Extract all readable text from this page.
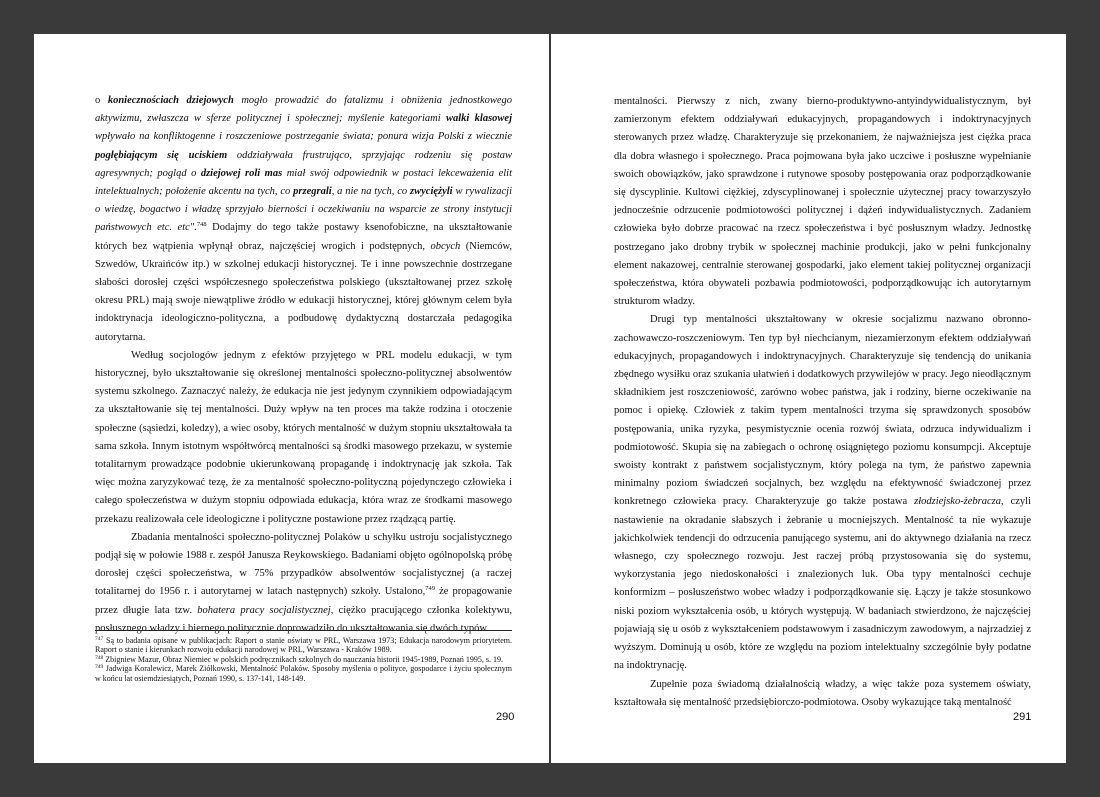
o koniecznościach dziejowych mogło prowadzić do fatalizmu i obniżenia jednostkowego aktywizmu, zwłaszcza w sferze politycznej i społecznej; myślenie kategoriami walki klasowej wpływało na konfliktogenne i roszczeniowe postrzeganie świata; ponura wizja Polski z wiecznie pogłębiającym się uciskiem oddziaływała frustrująco, sprzyjając rodzeniu się postaw agresywnych; pogląd o dziejowej roli mas miał swój odpowiednik w postaci lekceważenia elit intelektualnych; położenie akcentu na tych, co przegrali, a nie na tych, co zwyciężyli w rywalizacji o wiedzę, bogactwo i władzę sprzyjało bierności i oczekiwaniu na wsparcie ze strony instytucji państwowych etc. etc".$^{748}$ Dodajmy do tego także postawy ksenofobiczne, na ukształtowanie których bez wątpienia wpłynął obraz, najczęściej wrogich i podstępnych, obcych (Niemców, Szwedów, Ukraińców itp.) w szkolnej edukacji historycznej. Te i inne powszechnie dostrzegane słabości dorosłej części współczesnego społeczeństwa polskiego (ukształtowanej przez szkołę okresu PRL) mają swoje niewątpliwe źródło w edukacji historycznej, której głównym celem była indoktrynacja ideologiczno-polityczna, a podbudowę dydaktyczną dostarczała pedagogika autorytarna.

Według socjologów jednym z efektów przyjętego w PRL modelu edukacji, w tym historycznej, było ukształtowanie się określonej mentalności społeczno-politycznej absolwentów systemu szkolnego. Zaznaczyć należy, że edukacja nie jest jedynym czynnikiem odpowiadającym za ukształtowanie się tej mentalności. Duży wpływ na ten proces ma także rodzina i otoczenie społeczne (sąsiedzi, koledzy), a wiec osoby, których mentalność w dużym stopniu ukształtowała ta sama szkoła. Innym istotnym współtwórcą mentalności są środki masowego przekazu, w systemie totalitarnym prowadzące podobnie ukierunkowaną propagandę i indoktrynację jak szkoła. Tak więc można zaryzykować tezę, że za mentalność społeczno-polityczną pojedynczego człowieka i całego społeczeństwa w dużym stopniu odpowiada edukacja, która wraz ze środkami masowego przekazu realizowała cele ideologiczne i polityczne postawione przez rządzącą partię.

Zbadania mentalności społeczno-politycznej Polaków u schyłku ustroju socjalistycznego podjął się w połowie 1988 r. zespół Janusza Reykowskiego. Badaniami objęto ogólnopolską próbę dorosłej części społeczeństwa, w 75% przypadków absolwentów socjalistycznej (a raczej totalitarnej do 1956 r. i autorytarnej w latach następnych) szkoły. Ustalono,$^{749}$ że propagowanie przez długie lata tzw. bohatera pracy socjalistycznej, ciężko pracującego członka kolektywu, posłusznego władzy i biernego politycznie doprowadziło do ukształtowania się dwóch typów

$^{747}$ Są to badania opisane w publikacjach: Raport o stanie oświaty w PRL, Warszawa 1973; Edukacja narodowym priorytetem. Raport o stanie i kierunkach rozwoju edukacji narodowej w PRL, Warszawa - Kraków 1989.
$^{748}$ Zbigniew Mazur, Obraz Niemiec w polskich podręcznikach szkolnych do nauczania historii 1945-1989, Poznań 1995, s. 19.
$^{749}$ Jadwiga Koralewicz, Marek Ziółkowski, Mentalność Polaków. Sposoby myślenia o polityce, gospodarce i życiu społecznym w końcu lat osiemdziesiątych, Poznań 1990, s. 137-141, 148-149.
290

mentalności. Pierwszy z nich, zwany bierno-produktywno-antyindywidualistycznym, był zamierzonym efektem oddziaływań edukacyjnych, propagandowych i indoktrynacyjnych sterowanych przez władzę. Charakteryzuje się przekonaniem, że najważniejsza jest ciężka praca dla dobra własnego i społecznego. Praca pojmowana była jako uczciwe i posłuszne wypełnianie swoich obowiązków, jako sprawdzone i rutynowe sposoby postępowania oraz podporządkowanie się dyscyplinie. Kultowi ciężkiej, zdyscyplinowanej i społecznie użytecznej pracy towarzyszyło jednocześnie odrzucenie podmiotowości politycznej i dążeń indywidualistycznych. Zadaniem człowieka było dobrze pracować na rzecz społeczeństwa i być posłusznym władzy. Jednostkę postrzegano jako drobny trybik w społecznej machinie produkcji, jako w pełni funkcjonalny element nakazowej, centralnie sterowanej gospodarki, jako element takiej politycznej organizacji społeczeństwa, która obywateli pozbawia podmiotowości, podporządkowując ich autorytarnym strukturom władzy.

Drugi typ mentalności ukształtowany w okresie socjalizmu nazwano obronno-zachowawczo-roszczeniowym. Ten typ był niechcianym, niezamierzonym efektem oddziaływań edukacyjnych, propagandowych i indoktrynacyjnych. Charakteryzuje się tendencją do unikania zbędnego wysiłku oraz szukania ułatwień i dodatkowych przywilejów w pracy. Jego nieodłącznym składnikiem jest roszczeniowość, zarówno wobec państwa, jak i rodziny, bierne oczekiwanie na pomoc i opiekę. Człowiek z takim typem mentalności trzyma się sprawdzonych sposobów postępowania, unika ryzyka, pesymistycznie ocenia rozwój świata, odrzuca indywidualizm i podmiotowość. Skupia się na zabiegach o ochronę osiągniętego poziomu konsumpcji. Akceptuje swoisty kontrakt z państwem socjalistycznym, który polega na tym, że państwo zapewnia minimalny poziom świadczeń socjalnych, bez względu na efektywność świadczonej przez konkretnego człowieka pracy. Charakteryzuje go także postawa złodziejsko-żebracza, czyli nastawienie na okradanie słabszych i żebranie u mocniejszych. Mentalność ta nie wykazuje jakichkolwiek tendencji do odrzucenia panującego systemu, ani do aktywnego działania na rzecz własnego, czy społecznego rozwoju. Jest raczej próbą przystosowania się do systemu, wykorzystania jego niedoskonałości i znalezionych luk. Oba typy mentalności cechuje konformizm – posłuszeństwo wobec władzy i podporządkowanie się. Łączy je także stosunkowo niski poziom wykształcenia osób, u których występują. W badaniach stwierdzono, że najczęściej pojawiają się u osób z wykształceniem podstawowym i zasadniczym zawodowym, a najrzadziej z wyższym. Dominują u osób, które ze względu na poziom intelektualny szczególnie były podatne na indoktrynację.

Zupełnie poza świadomą działalnością władzy, a więc także poza systemem oświaty, kształtowała się mentalność przedsiębiorczo-podmiotowa. Osoby wykazujące taką mentalność

291
